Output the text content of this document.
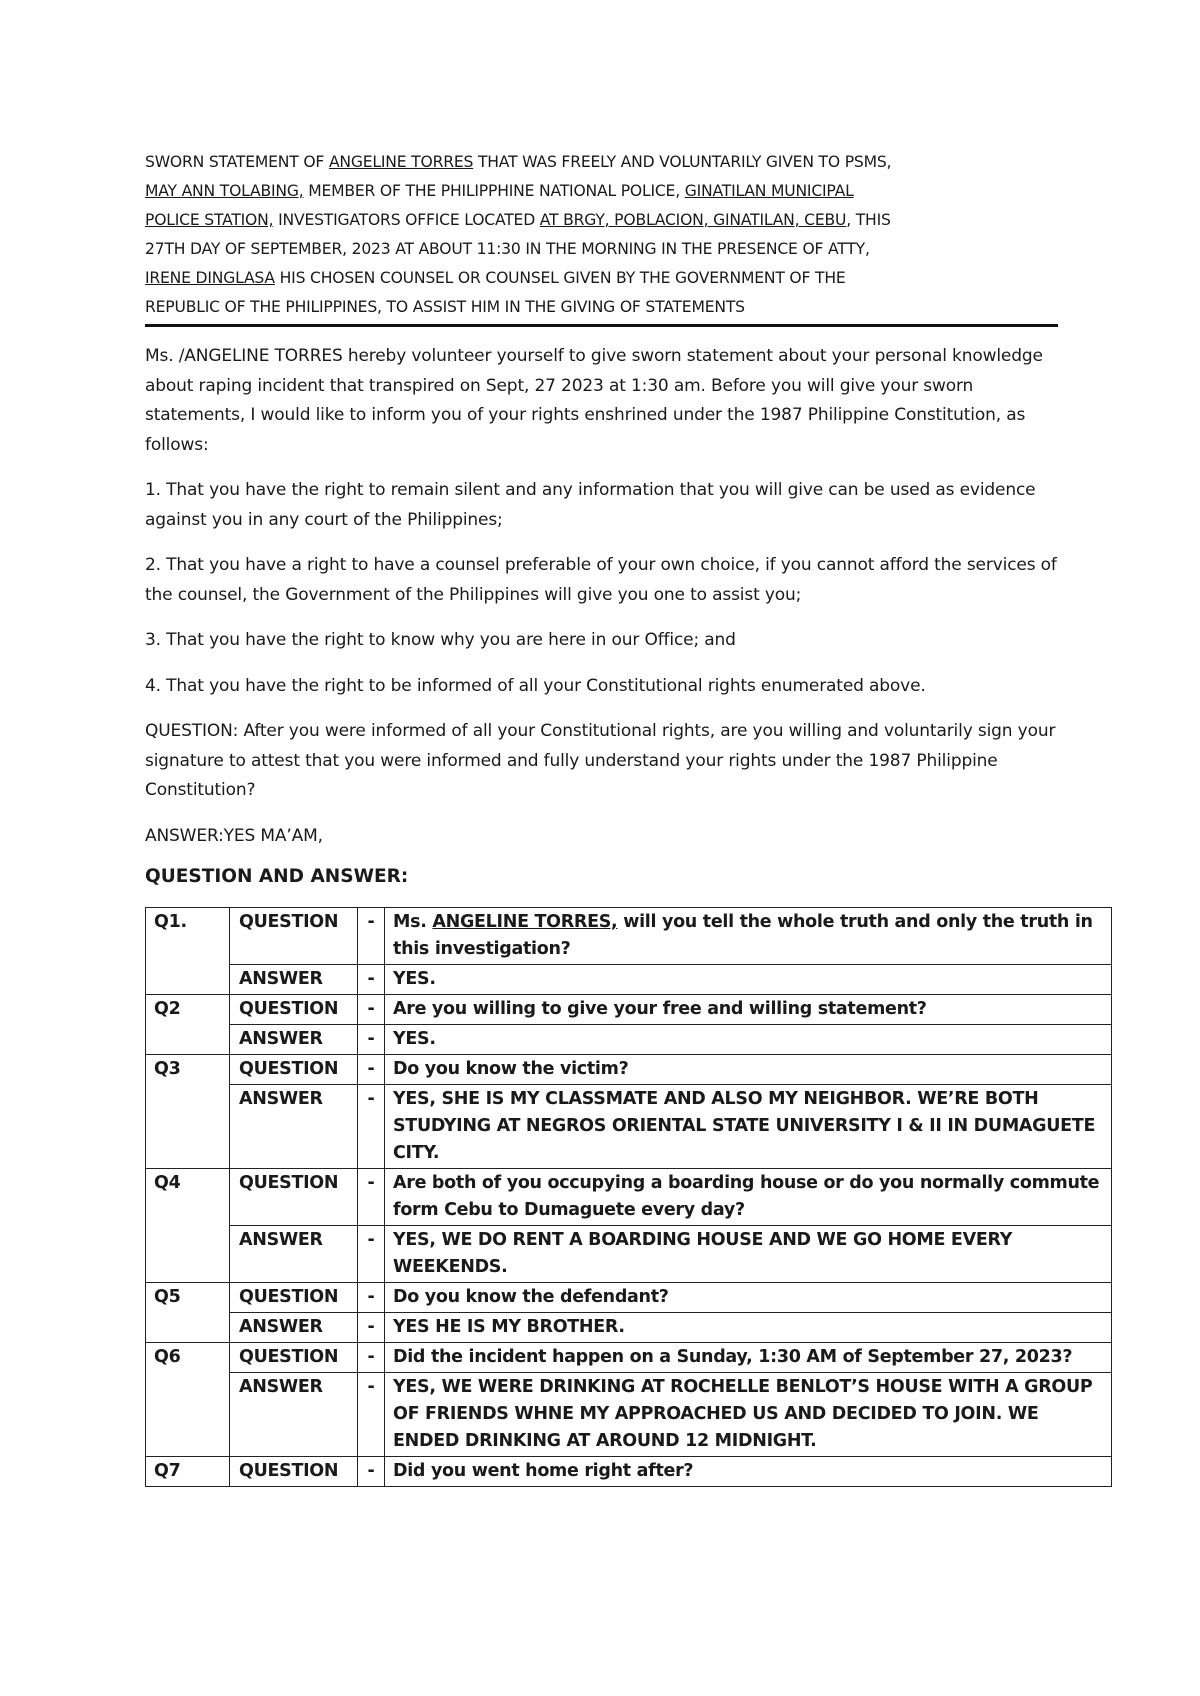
SWORN STATEMENT OF ANGELINE TORRES THAT WAS FREELY AND VOLUNTARILY GIVEN TO PSMS,
MAY ANN TOLABING, MEMBER OF THE PHILIPPHINE NATIONAL POLICE, GINATILAN MUNICIPAL
POLICE STATION, INVESTIGATORS OFFICE LOCATED AT BRGY, POBLACION, GINATILAN, CEBU, THIS
27TH DAY OF SEPTEMBER, 2023 AT ABOUT 11:30 IN THE MORNING IN THE PRESENCE OF ATTY,
IRENE DINGLASA HIS CHOSEN COUNSEL OR COUNSEL GIVEN BY THE GOVERNMENT OF THE
REPUBLIC OF THE PHILIPPINES, TO ASSIST HIM IN THE GIVING OF STATEMENTS

Ms. /ANGELINE TORRES hereby volunteer yourself to give sworn statement about your personal knowledge about raping incident that transpired on Sept, 27 2023 at 1:30 am. Before you will give your sworn statements, I would like to inform you of your rights enshrined under the 1987 Philippine Constitution, as follows:

1. That you have the right to remain silent and any information that you will give can be used as evidence against you in any court of the Philippines;

2. That you have a right to have a counsel preferable of your own choice, if you cannot afford the services of the counsel, the Government of the Philippines will give you one to assist you;

3. That you have the right to know why you are here in our Office; and

4. That you have the right to be informed of all your Constitutional rights enumerated above.

QUESTION: After you were informed of all your Constitutional rights, are you willing and voluntarily sign your signature to attest that you were informed and fully understand your rights under the 1987 Philippine Constitution?

ANSWER:YES MA’AM,

QUESTION AND ANSWER:
Q1.	QUESTION	-	Ms. ANGELINE TORRES, will you tell the whole truth and only the truth in this investigation?
	ANSWER	-	YES.
Q2	QUESTION	-	Are you willing to give your free and willing statement?
	ANSWER	-	YES.
Q3	QUESTION	-	Do you know the victim?
	ANSWER	-	YES, SHE IS MY CLASSMATE AND ALSO MY NEIGHBOR. WE’RE BOTH STUDYING AT NEGROS ORIENTAL STATE UNIVERSITY I & II IN DUMAGUETE CITY.
Q4	QUESTION	-	Are both of you occupying a boarding house or do you normally commute form Cebu to Dumaguete every day?
	ANSWER	-	YES, WE DO RENT A BOARDING HOUSE AND WE GO HOME EVERY WEEKENDS.
Q5	QUESTION	-	Do you know the defendant?
	ANSWER	-	YES HE IS MY BROTHER.
Q6	QUESTION	-	Did the incident happen on a Sunday, 1:30 AM of September 27, 2023?
	ANSWER	-	YES, WE WERE DRINKING AT ROCHELLE BENLOT’S HOUSE WITH A GROUP OF FRIENDS WHNE MY APPROACHED US AND DECIDED TO JOIN. WE ENDED DRINKING AT AROUND 12 MIDNIGHT.
Q7	QUESTION	-	Did you went home right after?
